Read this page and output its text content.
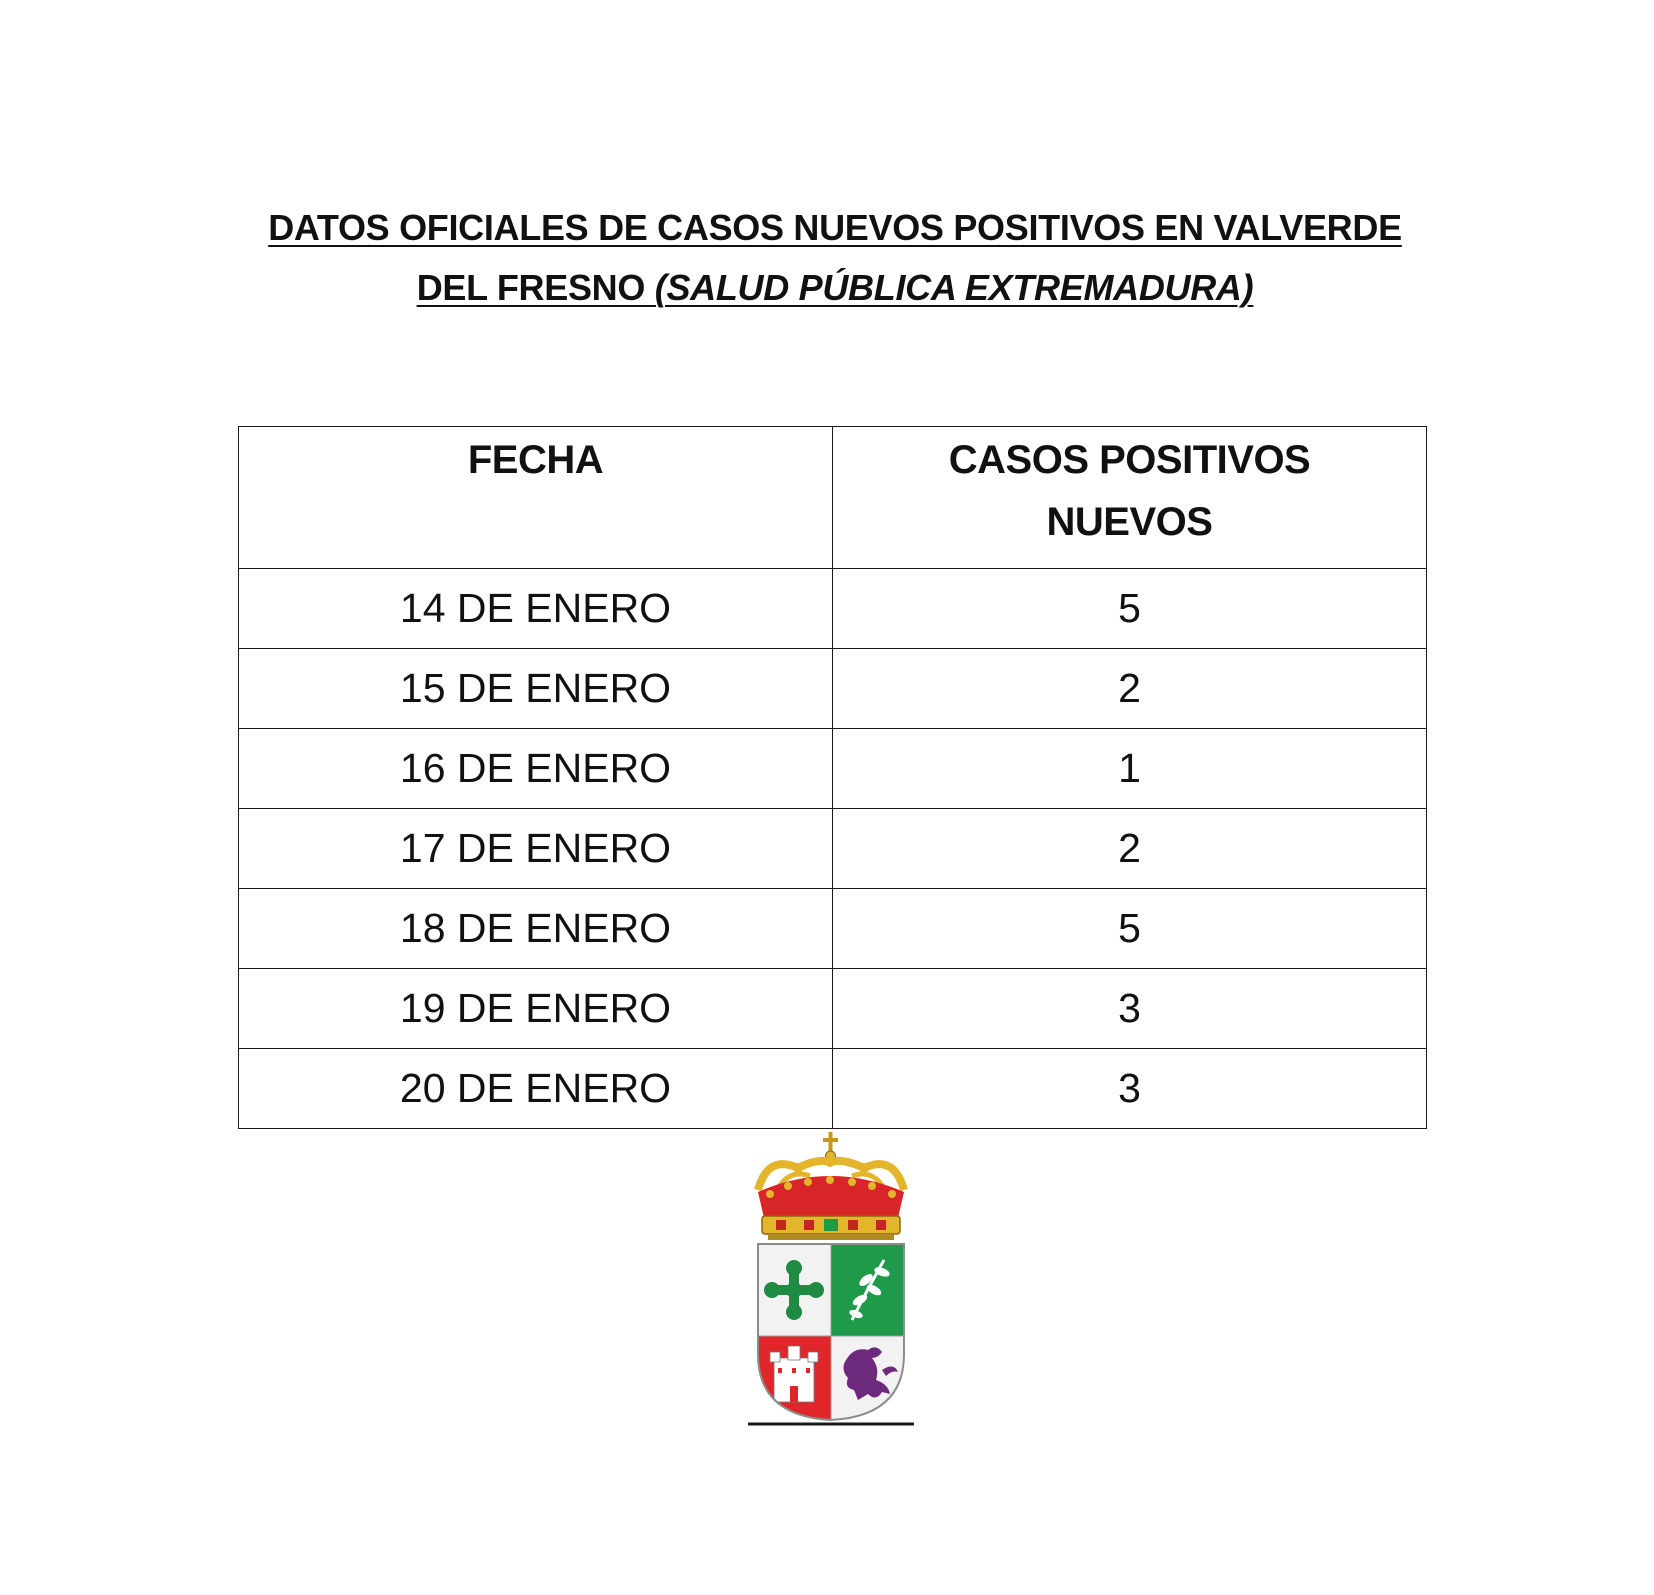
DATOS OFICIALES DE CASOS NUEVOS POSITIVOS EN VALVERDE
DEL FRESNO (SALUD PÚBLICA EXTREMADURA)
FECHA	CASOS POSITIVOS NUEVOS
14 DE ENERO	5
15 DE ENERO	2
16 DE ENERO	1
17 DE ENERO	2
18 DE ENERO	5
19 DE ENERO	3
20 DE ENERO	3
